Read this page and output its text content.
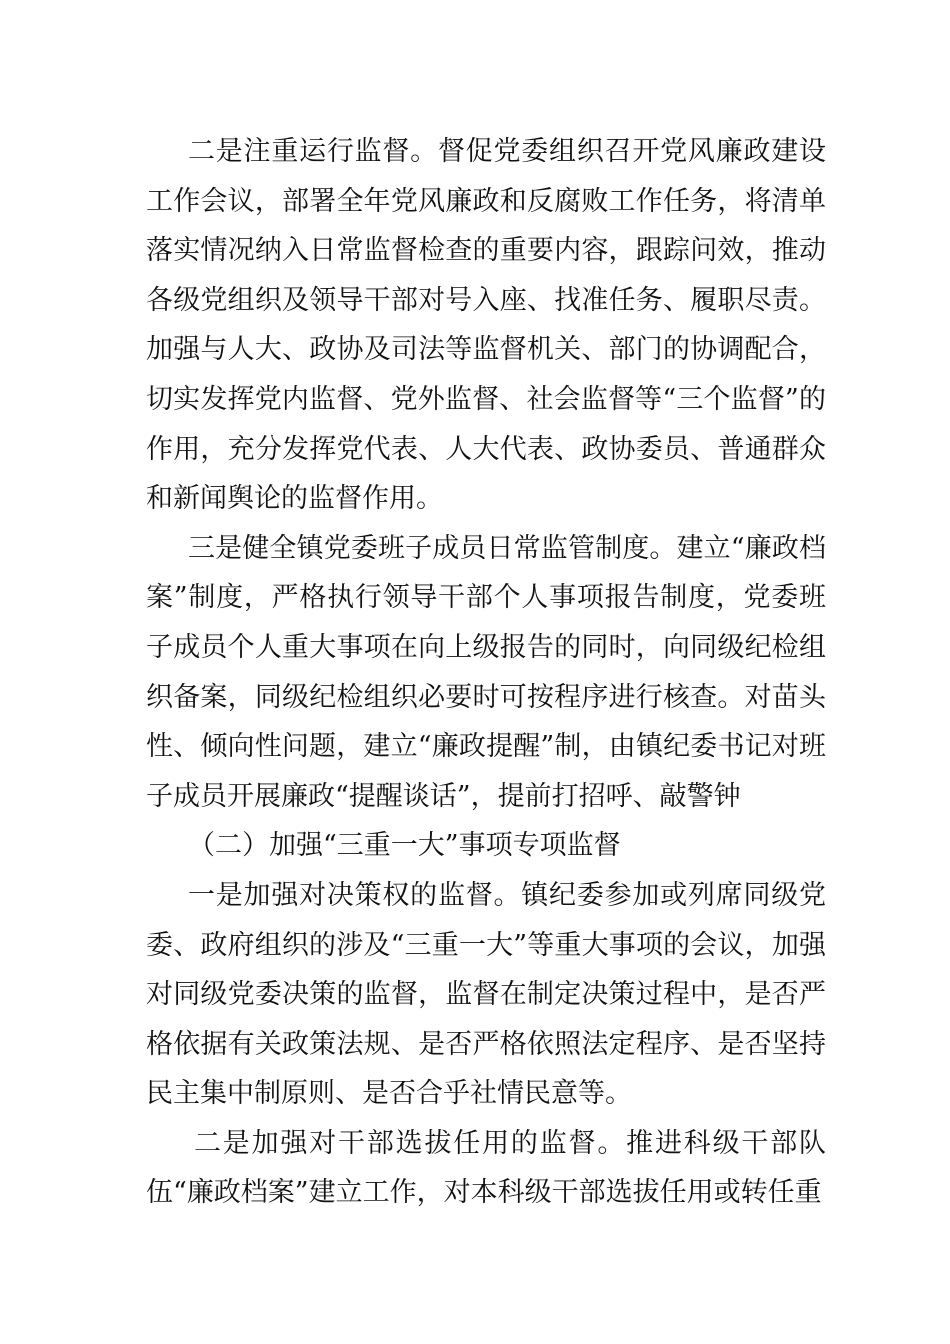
二是注重运行监督。督促党委组织召开党风廉政建设工作会议，部署全年党风廉政和反腐败工作任务，将清单落实情况纳入日常监督检查的重要内容，跟踪问效，推动各级党组织及领导干部对号入座、找准任务、履职尽责。加强与人大、政协及司法等监督机关、部门的协调配合，切实发挥党内监督、党外监督、社会监督等“三个监督”的作用，充分发挥党代表、人大代表、政协委员、普通群众和新闻舆论的监督作用。

三是健全镇党委班子成员日常监管制度。建立“廉政档案”制度，严格执行领导干部个人事项报告制度，党委班子成员个人重大事项在向上级报告的同时，向同级纪检组织备案，同级纪检组织必要时可按程序进行核查。对苗头性、倾向性问题，建立“廉政提醒”制，由镇纪委书记对班子成员开展廉政“提醒谈话”，提前打招呼、敲警钟

（二）加强“三重一大”事项专项监督

一是加强对决策权的监督。镇纪委参加或列席同级党委、政府组织的涉及“三重一大”等重大事项的会议，加强对同级党委决策的监督，监督在制定决策过程中，是否严格依据有关政策法规、是否严格依照法定程序、是否坚持民主集中制原则、是否合乎社情民意等。

二是加强对干部选拔任用的监督。推进科级干部队伍“廉政档案”建立工作，对本科级干部选拔任用或转任重
